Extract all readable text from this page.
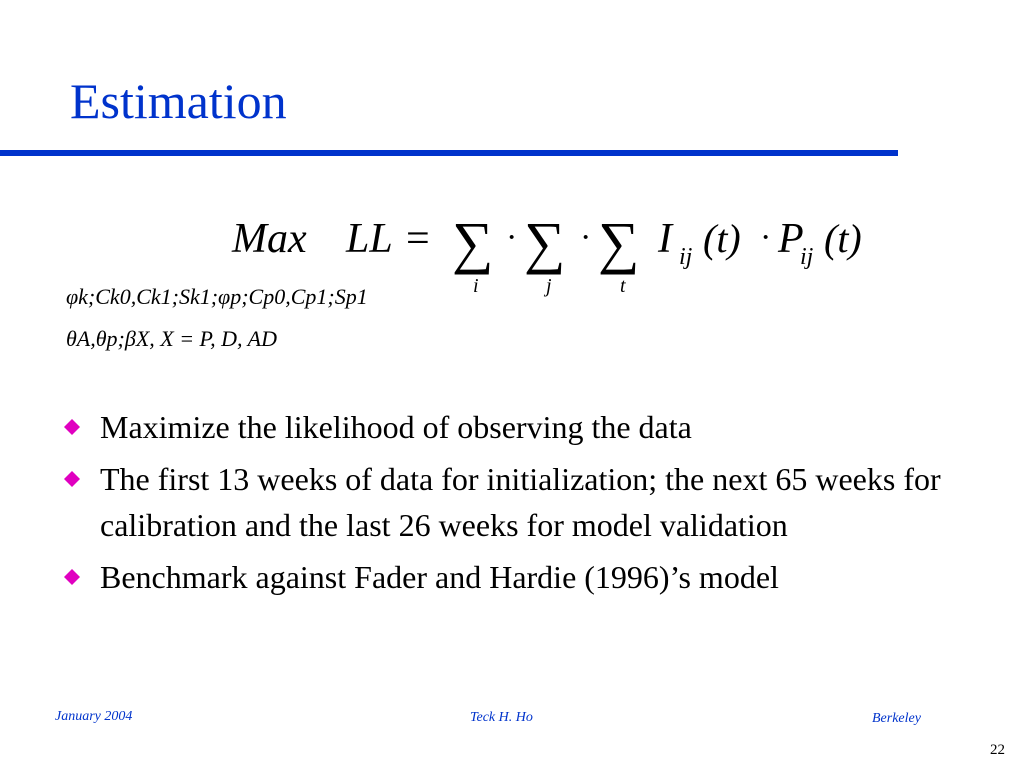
Estimation
Max LL = ∑ · ∑ · ∑
i	j	t
I ij (t) · P
ij (t)
φk;Ck0,Ck1;Sk1;φp;Cp0,Cp1;Sp1
θA,θp;βX, X = P, D, AD
Maximize the likelihood of observing the data
The first 13 weeks of data for initialization; the next 65 weeks for calibration and the last 26 weeks for model validation
Benchmark against Fader and Hardie (1996)’s model
January 2004	Teck H. Ho	Berkeley
22
